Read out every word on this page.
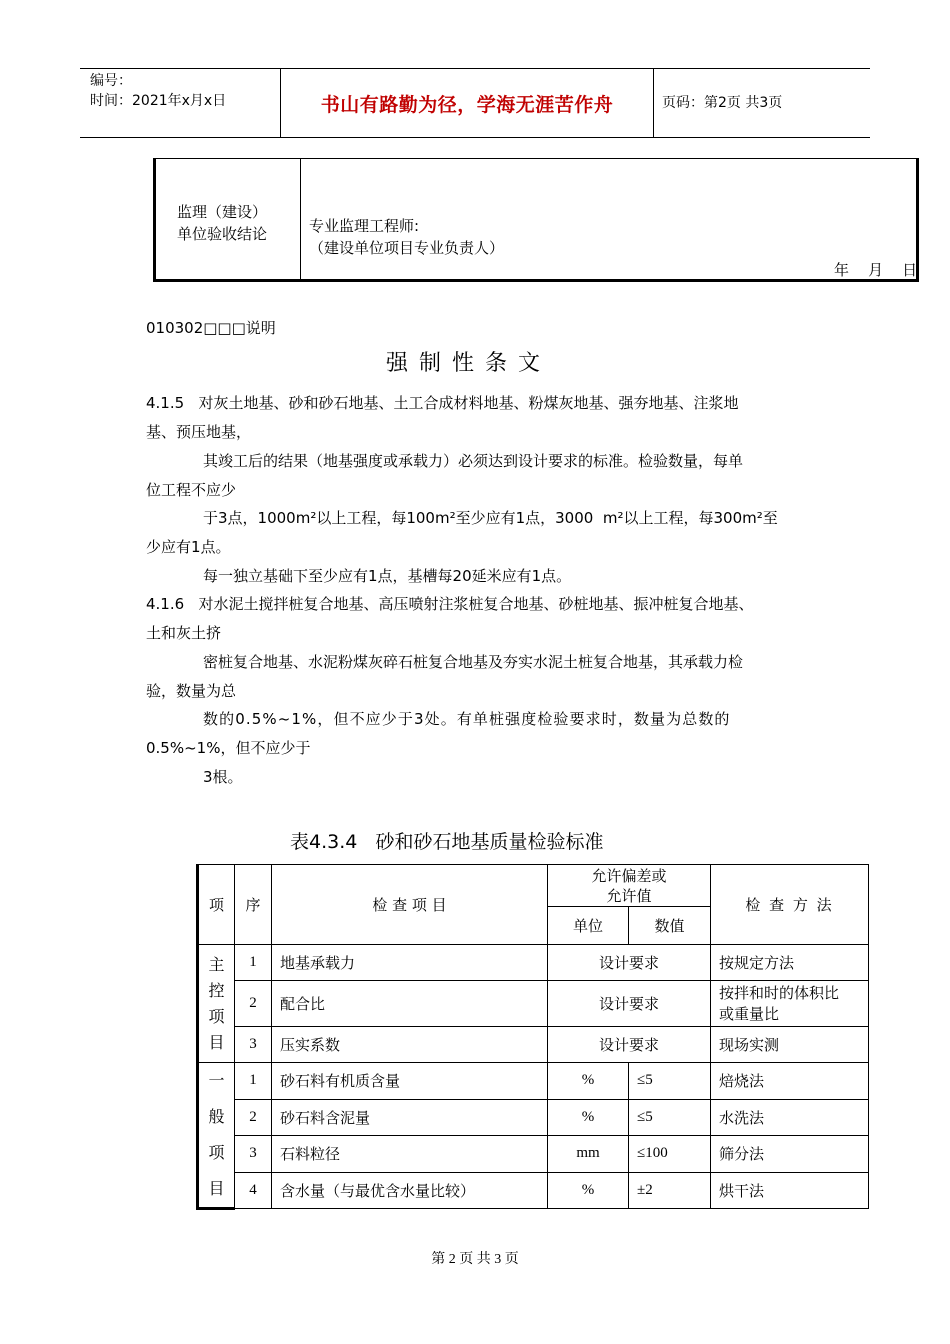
编号：
时间：2021年x月x日	书山有路勤为径，学海无涯苦作舟	页码：第2页 共3页
监理（建设）
单位验收结论	专业监理工程师:
（建设单位项目专业负责人）
年    月    日
010302□□□说明
强 制 性 条 文
4.1.5   对灰土地基、砂和砂石地基、土工合成材料地基、粉煤灰地基、强夯地基、注浆地
基、预压地基，
其竣工后的结果（地基强度或承载力）必须达到设计要求的标准。检验数量，每单
位工程不应少
于3点，1000m²以上工程，每100m²至少应有1点，3000  m²以上工程，每300m²至
少应有1点。
每一独立基础下至少应有1点，基槽每20延米应有1点。
4.1.6   对水泥土搅拌桩复合地基、高压喷射注浆桩复合地基、砂桩地基、振冲桩复合地基、
土和灰土挤
密桩复合地基、水泥粉煤灰碎石桩复合地基及夯实水泥土桩复合地基，其承载力检
验，数量为总
数的0.5%~1%，但不应少于3处。有单桩强度检验要求时，数量为总数的
0.5%~1%，但不应少于
3根。
表4.3.4   砂和砂石地基质量检验标准
项	序	检 查 项 目	允许偏差或
允许值		检 查 方 法
			单位	数值	

主
控
项
目	1	地基承载力	设计要求		按规定方法
	2	配合比	设计要求		按拌和时的体积比
或重量比

	3	压实系数	设计要求		现场实测

一
般
项
目	1	砂石料有机质含量	%	≤5	焙烧法
	2	砂石料含泥量	%	≤5	水洗法
	3	石料粒径	mm	≤100	筛分法
	4	含水量（与最优含水量比较）	%	±2	烘干法
第 2 页 共 3 页
